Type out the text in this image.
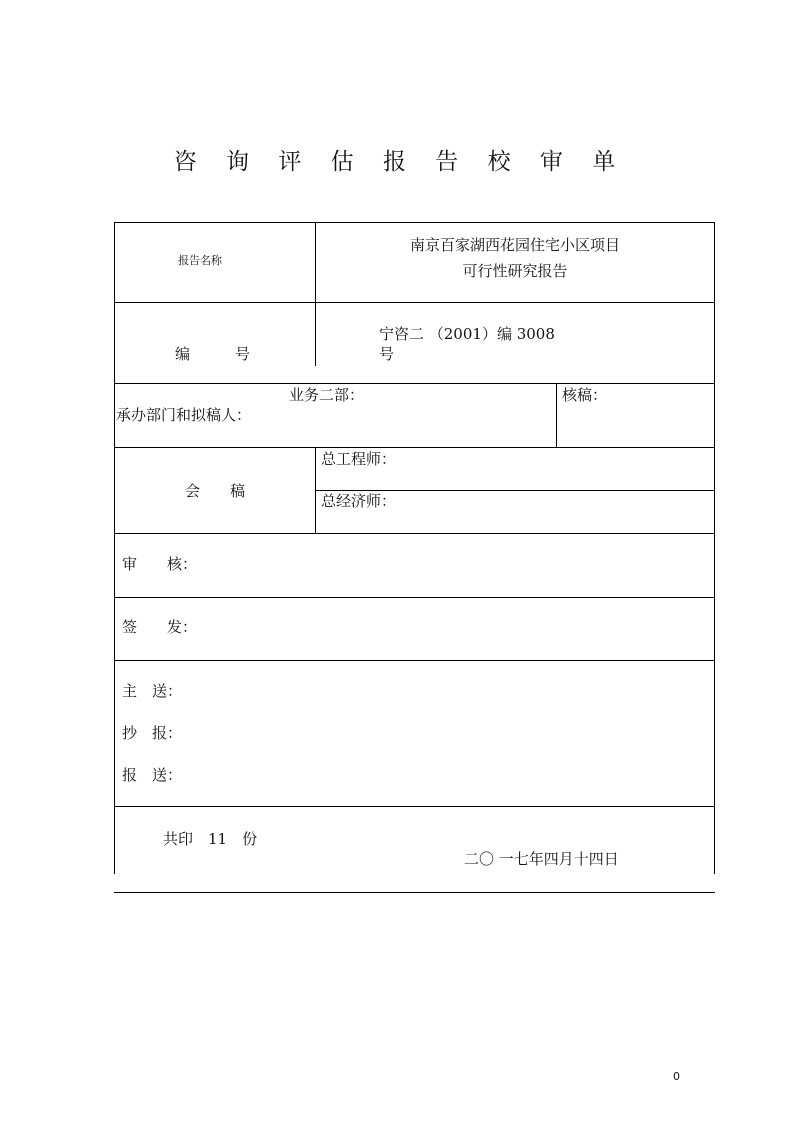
咨 询 评 估 报 告 校 审 单
报告名称
南京百家湖西花园住宅小区项目
可行性研究报告
编　　　号
宁咨二 （2001）编 3008
号
业务二部：
承办部门和拟稿人：
核稿：
会　　稿
总工程师：
总经济师：
审　　核：
签　　发：
主　送：
抄　报：
报　送：
共印　11　份
二〇 一七年四月十四日
0
